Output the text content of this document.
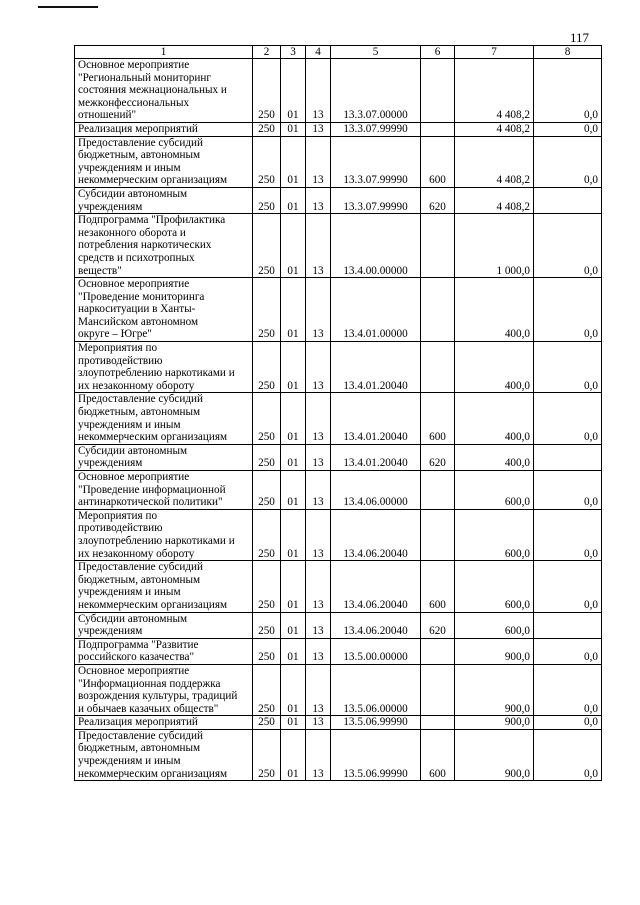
117
1	2	3	4	5	6	7	8

Основное мероприятие
"Региональный мониторинг
состояния межнациональных и
межконфессиональных
отношений"	250	01	13	13.3.07.00000		4 408,2	0,0

Реализация мероприятий	250	01	13	13.3.07.99990		4 408,2	0,0

Предоставление субсидий
бюджетным, автономным
учреждениям и иным
некоммерческим организациям	250	01	13	13.3.07.99990	600	4 408,2	0,0

Субсидии автономным
учреждениям	250	01	13	13.3.07.99990	620	4 408,2	

Подпрограмма "Профилактика
незаконного оборота и
потребления наркотических
средств и психотропных
веществ"	250	01	13	13.4.00.00000		1 000,0	0,0

Основное мероприятие
"Проведение мониторинга
наркоситуации в Ханты-
Мансийском автономном
округе – Югре"	250	01	13	13.4.01.00000		400,0	0,0

Мероприятия по
противодействию
злоупотреблению наркотиками и
их незаконному обороту	250	01	13	13.4.01.20040		400,0	0,0

Предоставление субсидий
бюджетным, автономным
учреждениям и иным
некоммерческим организациям	250	01	13	13.4.01.20040	600	400,0	0,0

Субсидии автономным
учреждениям	250	01	13	13.4.01.20040	620	400,0	

Основное мероприятие
"Проведение информационной
антинаркотической политики"	250	01	13	13.4.06.00000		600,0	0,0

Мероприятия по
противодействию
злоупотреблению наркотиками и
их незаконному обороту	250	01	13	13.4.06.20040		600,0	0,0

Предоставление субсидий
бюджетным, автономным
учреждениям и иным
некоммерческим организациям	250	01	13	13.4.06.20040	600	600,0	0,0

Субсидии автономным
учреждениям	250	01	13	13.4.06.20040	620	600,0	

Подпрограмма "Развитие
российского казачества"	250	01	13	13.5.00.00000		900,0	0,0

Основное мероприятие
"Информационная поддержка
возрождения культуры, традиций
и обычаев казачьих обществ"	250	01	13	13.5.06.00000		900,0	0,0

Реализация мероприятий	250	01	13	13.5.06.99990		900,0	0,0

Предоставление субсидий
бюджетным, автономным
учреждениям и иным
некоммерческим организациям	250	01	13	13.5.06.99990	600	900,0	0,0
